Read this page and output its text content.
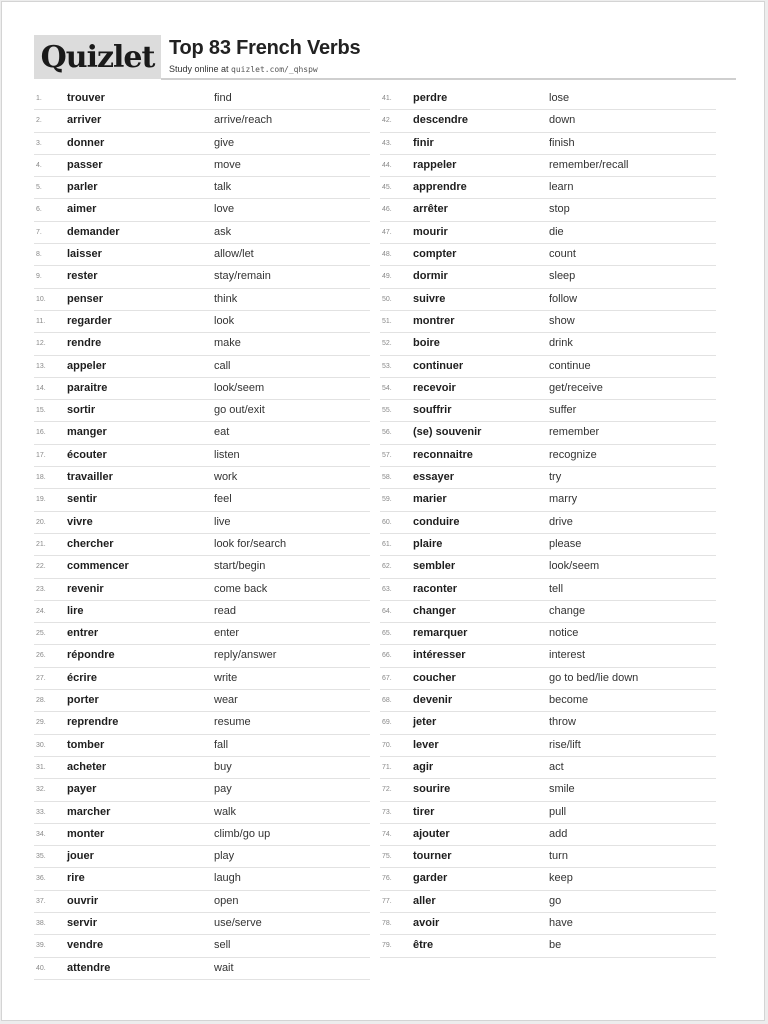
Quizlet Top 83 French Verbs
Study online at quizlet.com/_qhspw
1. trouver	find
2. arriver	arrive/reach
3. donner	give
4. passer	move
5. parler	talk
6. aimer	love
7. demander	ask
8. laisser	allow/let
9. rester	stay/remain
10. penser	think
11. regarder	look
12. rendre	make
13. appeler	call
14. paraitre	look/seem
15. sortir	go out/exit
16. manger	eat
17. écouter	listen
18. travailler	work
19. sentir	feel
20. vivre	live
21. chercher	look for/search
22. commencer	start/begin
23. revenir	come back
24. lire	read
25. entrer	enter
26. répondre	reply/answer
27. écrire	write
28. porter	wear
29. reprendre	resume
30. tomber	fall
31. acheter	buy
32. payer	pay
33. marcher	walk
34. monter	climb/go up
35. jouer	play
36. rire	laugh
37. ouvrir	open
38. servir	use/serve
39. vendre	sell
40. attendre	wait
41. perdre	lose
42. descendre	down
43. finir	finish
44. rappeler	remember/recall
45. apprendre	learn
46. arrêter	stop
47. mourir	die
48. compter	count
49. dormir	sleep
50. suivre	follow
51. montrer	show
52. boire	drink
53. continuer	continue
54. recevoir	get/receive
55. souffrir	suffer
56. (se) souvenir	remember
57. reconnaitre	recognize
58. essayer	try
59. marier	marry
60. conduire	drive
61. plaire	please
62. sembler	look/seem
63. raconter	tell
64. changer	change
65. remarquer	notice
66. intéresser	interest
67. coucher	go to bed/lie down
68. devenir	become
69. jeter	throw
70. lever	rise/lift
71. agir	act
72. sourire	smile
73. tirer	pull
74. ajouter	add
75. tourner	turn
76. garder	keep
77. aller	go
78. avoir	have
79. être	be
